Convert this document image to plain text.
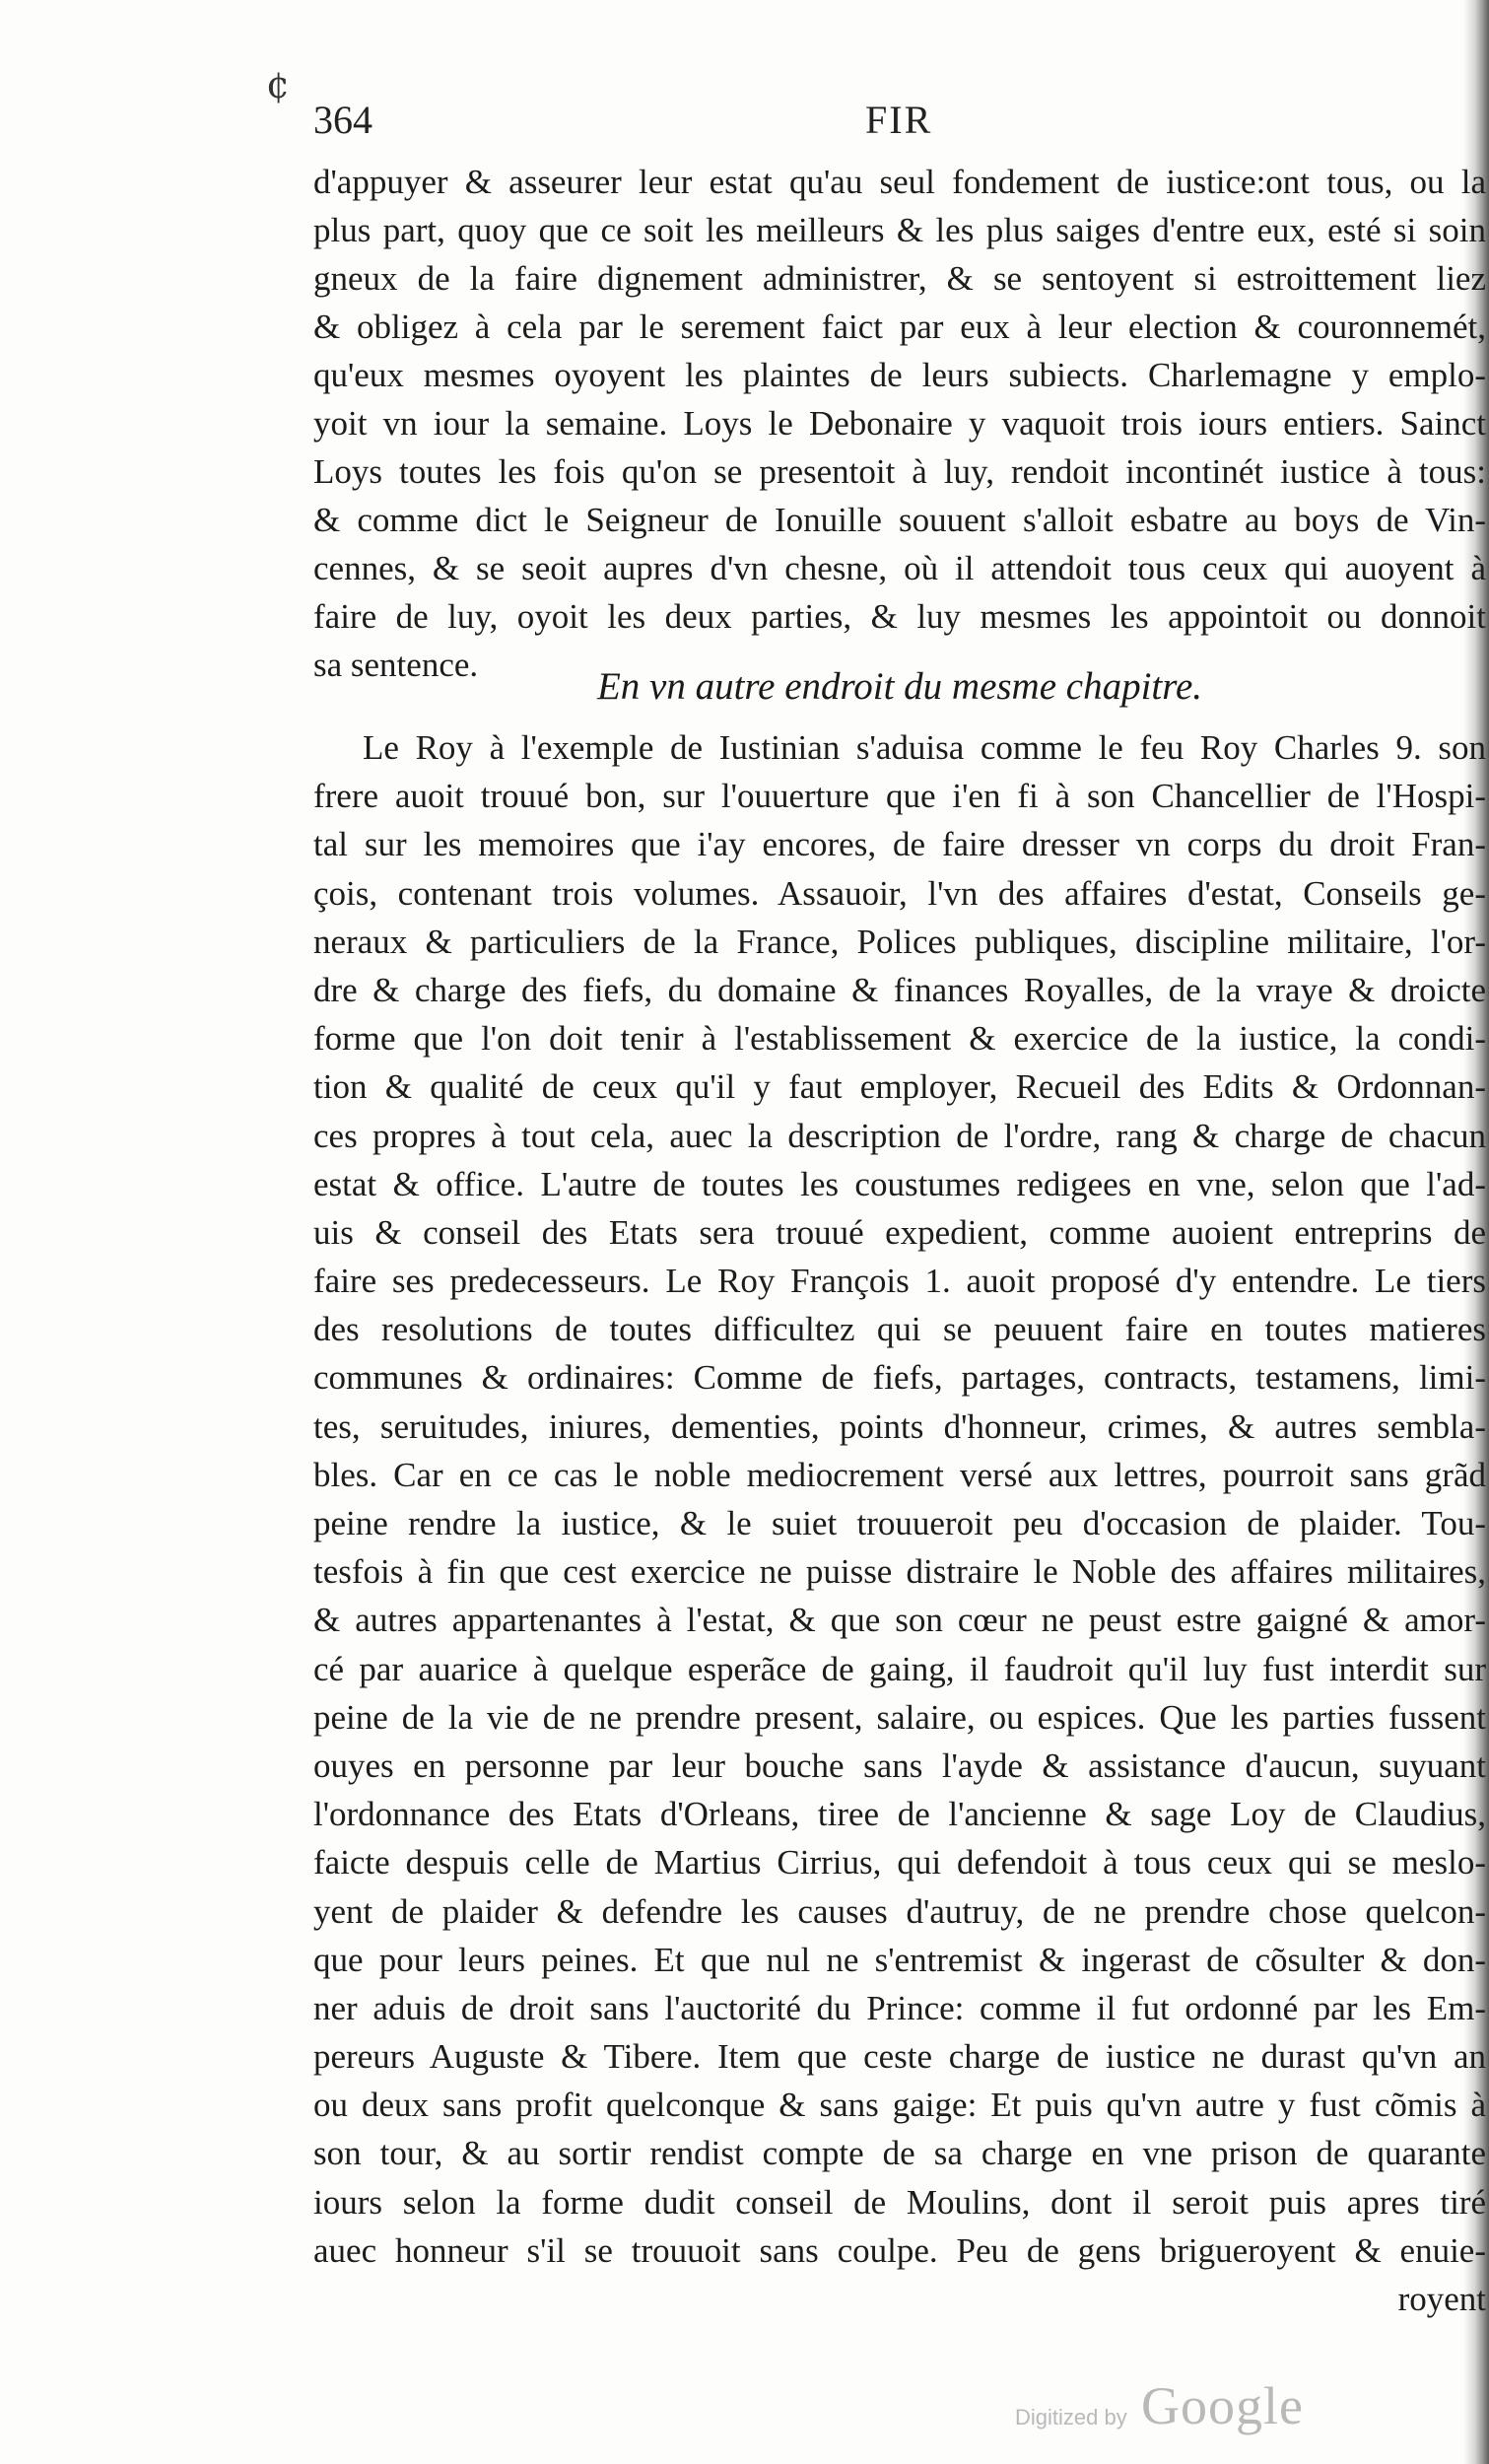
¢
364	FIR
d'appuyer & asseurer leur estat qu'au seul fondement de iustice:ont tous, ou la
plus part, quoy que ce soit les meilleurs & les plus saiges d'entre eux, esté si soin
gneux de la faire dignement administrer, & se sentoyent si estroittement liez
& obligez à cela par le serement faict par eux à leur election & couronnemét,
qu'eux mesmes oyoyent les plaintes de leurs subiects. Charlemagne y emplo-
yoit vn iour la semaine. Loys le Debonaire y vaquoit trois iours entiers. Sainct
Loys toutes les fois qu'on se presentoit à luy, rendoit incontinét iustice à tous:
& comme dict le Seigneur de Ionuille souuent s'alloit esbatre au boys de Vin-
cennes, & se seoit aupres d'vn chesne, où il attendoit tous ceux qui auoyent à
faire de luy, oyoit les deux parties, & luy mesmes les appointoit ou donnoit
sa sentence.
En vn autre endroit du mesme chapitre.
Le Roy à l'exemple de Iustinian s'aduisa comme le feu Roy Charles 9. son
frere auoit trouué bon, sur l'ouuerture que i'en fi à son Chancellier de l'Hospi-
tal sur les memoires que i'ay encores, de faire dresser vn corps du droit Fran-
çois, contenant trois volumes. Assauoir, l'vn des affaires d'estat, Conseils ge-
neraux & particuliers de la France, Polices publiques, discipline militaire, l'or-
dre & charge des fiefs, du domaine & finances Royalles, de la vraye & droicte
forme que l'on doit tenir à l'establissement & exercice de la iustice, la condi-
tion & qualité de ceux qu'il y faut employer, Recueil des Edits & Ordonnan-
ces propres à tout cela, auec la description de l'ordre, rang & charge de chacun
estat & office. L'autre de toutes les coustumes redigees en vne, selon que l'ad-
uis & conseil des Etats sera trouué expedient, comme auoient entreprins de
faire ses predecesseurs. Le Roy François 1. auoit proposé d'y entendre. Le tiers
des resolutions de toutes difficultez qui se peuuent faire en toutes matieres
communes & ordinaires: Comme de fiefs, partages, contracts, testamens, limi-
tes, seruitudes, iniures, dementies, points d'honneur, crimes, & autres sembla-
bles. Car en ce cas le noble mediocrement versé aux lettres, pourroit sans grãd
peine rendre la iustice, & le suiet trouueroit peu d'occasion de plaider. Tou-
tesfois à fin que cest exercice ne puisse distraire le Noble des affaires militaires,
& autres appartenantes à l'estat, & que son cœur ne peust estre gaigné & amor-
cé par auarice à quelque esperãce de gaing, il faudroit qu'il luy fust interdit sur
peine de la vie de ne prendre present, salaire, ou espices. Que les parties fussent
ouyes en personne par leur bouche sans l'ayde & assistance d'aucun, suyuant
l'ordonnance des Etats d'Orleans, tiree de l'ancienne & sage Loy de Claudius,
faicte despuis celle de Martius Cirrius, qui defendoit à tous ceux qui se meslo-
yent de plaider & defendre les causes d'autruy, de ne prendre chose quelcon-
que pour leurs peines. Et que nul ne s'entremist & ingerast de cõsulter & don-
ner aduis de droit sans l'auctorité du Prince: comme il fut ordonné par les Em-
pereurs Auguste & Tibere. Item que ceste charge de iustice ne durast qu'vn an
ou deux sans profit quelconque & sans gaige: Et puis qu'vn autre y fust cõmis à
son tour, & au sortir rendist compte de sa charge en vne prison de quarante
iours selon la forme dudit conseil de Moulins, dont il seroit puis apres tiré
auec honneur s'il se trouuoit sans coulpe. Peu de gens brigueroyent & enuie-
royent
Digitized by Google
